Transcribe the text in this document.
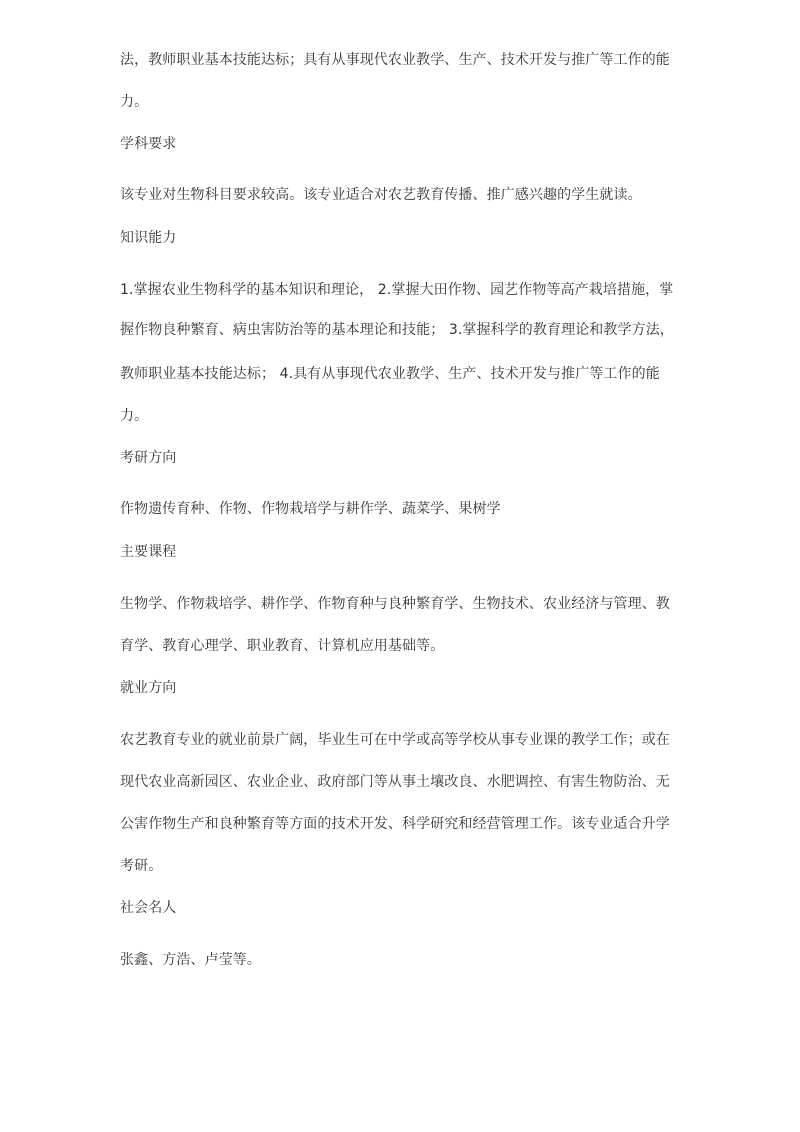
法，教师职业基本技能达标；具有从事现代农业教学、生产、技术开发与推广等工作的能
力。
学科要求
该专业对生物科目要求较高。该专业适合对农艺教育传播、推广感兴趣的学生就读。
知识能力
1.掌握农业生物科学的基本知识和理论， 2.掌握大田作物、园艺作物等高产栽培措施，掌
握作物良种繁育、病虫害防治等的基本理论和技能； 3.掌握科学的教育理论和教学方法，
教师职业基本技能达标； 4.具有从事现代农业教学、生产、技术开发与推广等工作的能
力。
考研方向
作物遗传育种、作物、作物栽培学与耕作学、蔬菜学、果树学
主要课程
生物学、作物栽培学、耕作学、作物育种与良种繁育学、生物技术、农业经济与管理、教
育学、教育心理学、职业教育、计算机应用基础等。
就业方向
农艺教育专业的就业前景广阔，毕业生可在中学或高等学校从事专业课的教学工作；或在
现代农业高新园区、农业企业、政府部门等从事土壤改良、水肥调控、有害生物防治、无
公害作物生产和良种繁育等方面的技术开发、科学研究和经营管理工作。该专业适合升学
考研。
社会名人
张鑫、方浩、卢莹等。
